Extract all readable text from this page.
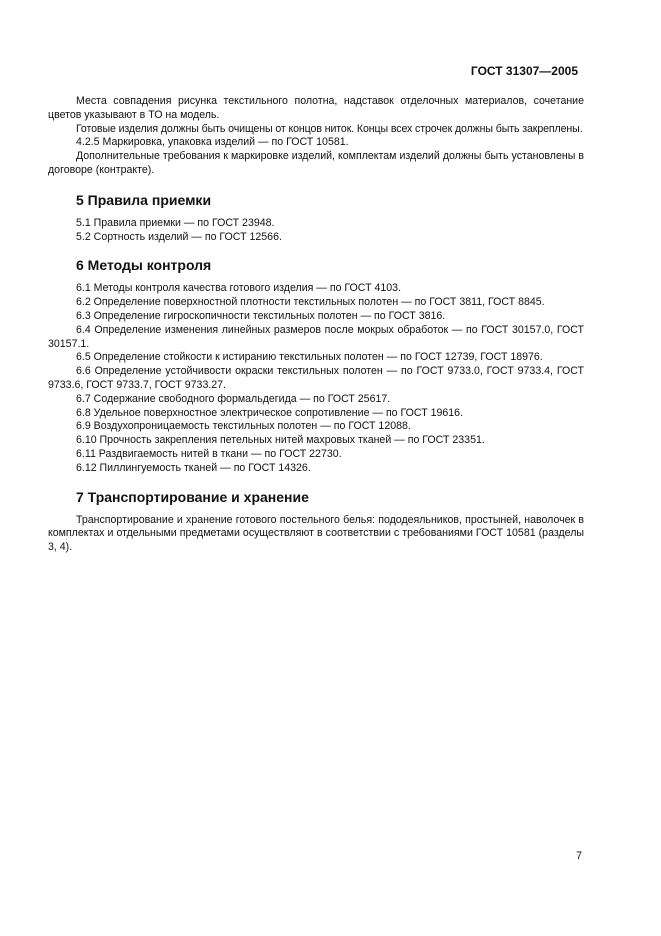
ГОСТ 31307—2005

Места совпадения рисунка текстильного полотна, надставок отделочных материалов, сочетание цветов указывают в ТО на модель.

Готовые изделия должны быть очищены от концов ниток. Концы всех строчек должны быть закреплены.

4.2.5 Маркировка, упаковка изделий — по ГОСТ 10581.

Дополнительные требования к маркировке изделий, комплектам изделий должны быть установлены в договоре (контракте).

5 Правила приемки

5.1 Правила приемки — по ГОСТ 23948.

5.2 Сортность изделий — по ГОСТ 12566.

6 Методы контроля

6.1 Методы контроля качества готового изделия — по ГОСТ 4103.

6.2 Определение поверхностной плотности текстильных полотен — по ГОСТ 3811, ГОСТ 8845.

6.3 Определение гигроскопичности текстильных полотен — по ГОСТ 3816.

6.4 Определение изменения линейных размеров после мокрых обработок — по ГОСТ 30157.0, ГОСТ 30157.1.

6.5 Определение стойкости к истиранию текстильных полотен — по ГОСТ 12739, ГОСТ 18976.

6.6 Определение устойчивости окраски текстильных полотен — по ГОСТ 9733.0, ГОСТ 9733.4, ГОСТ 9733.6, ГОСТ 9733.7, ГОСТ 9733.27.

6.7 Содержание свободного формальдегида — по ГОСТ 25617.

6.8 Удельное поверхностное электрическое сопротивление — по ГОСТ 19616.

6.9 Воздухопроницаемость текстильных полотен — по ГОСТ 12088.

6.10 Прочность закрепления петельных нитей махровых тканей — по ГОСТ 23351.

6.11 Раздвигаемость нитей в ткани — по ГОСТ 22730.

6.12 Пиллингуемость тканей — по ГОСТ 14326.

7 Транспортирование и хранение

Транспортирование и хранение готового постельного белья: пододеяльников, простыней, наволочек в комплектах и отдельными предметами осуществляют в соответствии с требованиями ГОСТ 10581 (разделы 3, 4).

7
